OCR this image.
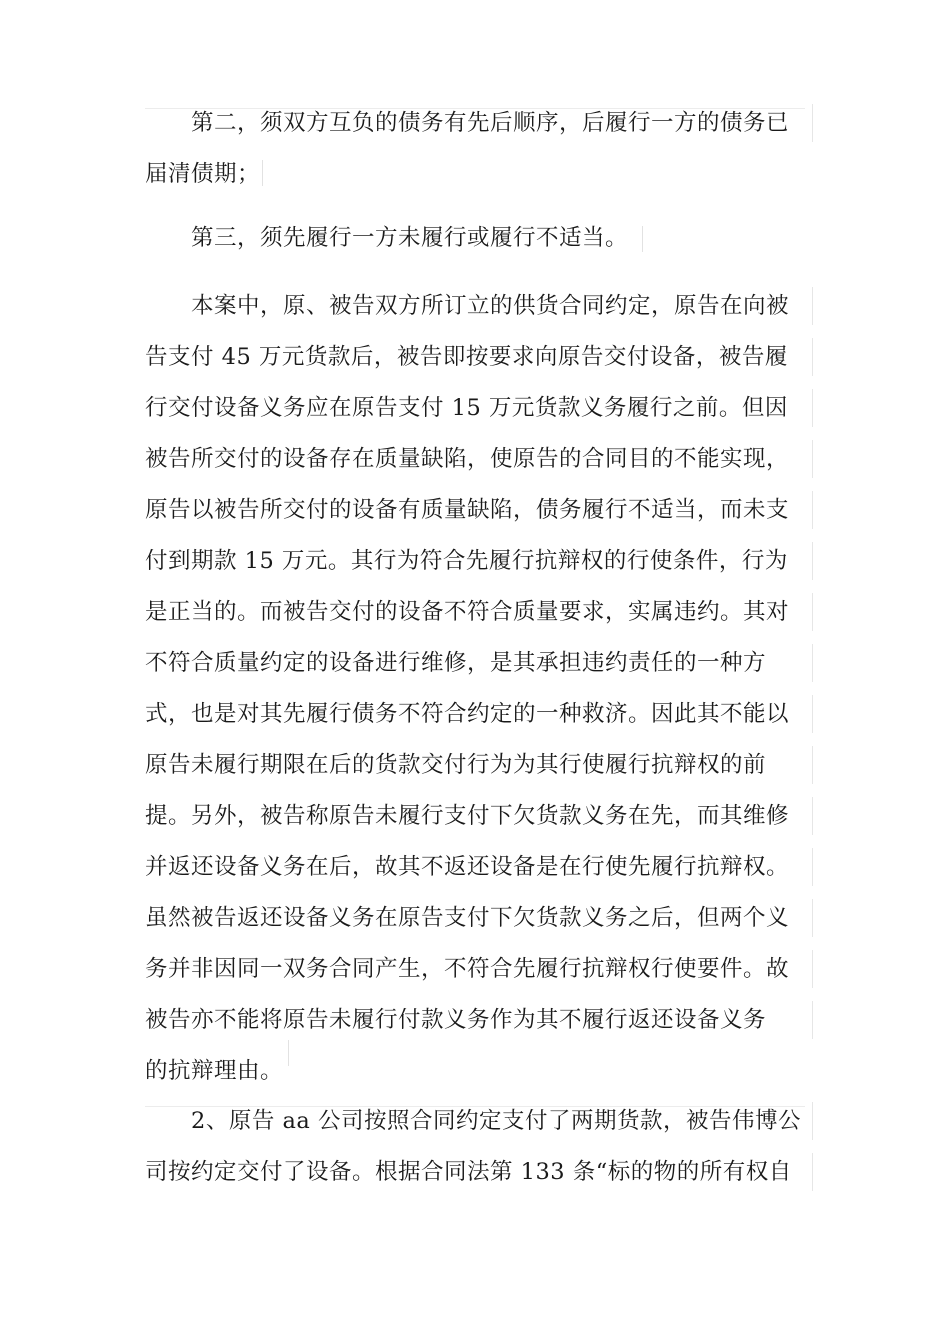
第二，须双方互负的债务有先后顺序，后履行一方的债务已
届清债期；
第三，须先履行一方未履行或履行不适当。
本案中，原、被告双方所订立的供货合同约定，原告在向被
告支付 45 万元货款后，被告即按要求向原告交付设备，被告履
行交付设备义务应在原告支付 15 万元货款义务履行之前。但因
被告所交付的设备存在质量缺陷，使原告的合同目的不能实现，
原告以被告所交付的设备有质量缺陷，债务履行不适当，而未支
付到期款 15 万元。其行为符合先履行抗辩权的行使条件，行为
是正当的。而被告交付的设备不符合质量要求，实属违约。其对
不符合质量约定的设备进行维修，是其承担违约责任的一种方
式，也是对其先履行债务不符合约定的一种救济。因此其不能以
原告未履行期限在后的货款交付行为为其行使履行抗辩权的前
提。另外，被告称原告未履行支付下欠货款义务在先，而其维修
并返还设备义务在后，故其不返还设备是在行使先履行抗辩权。
虽然被告返还设备义务在原告支付下欠货款义务之后，但两个义
务并非因同一双务合同产生，不符合先履行抗辩权行使要件。故
被告亦不能将原告未履行付款义务作为其不履行返还设备义务
的抗辩理由。
2、原告 aa 公司按照合同约定支付了两期货款，被告伟博公
司按约定交付了设备。根据合同法第 133 条“标的物的所有权自
